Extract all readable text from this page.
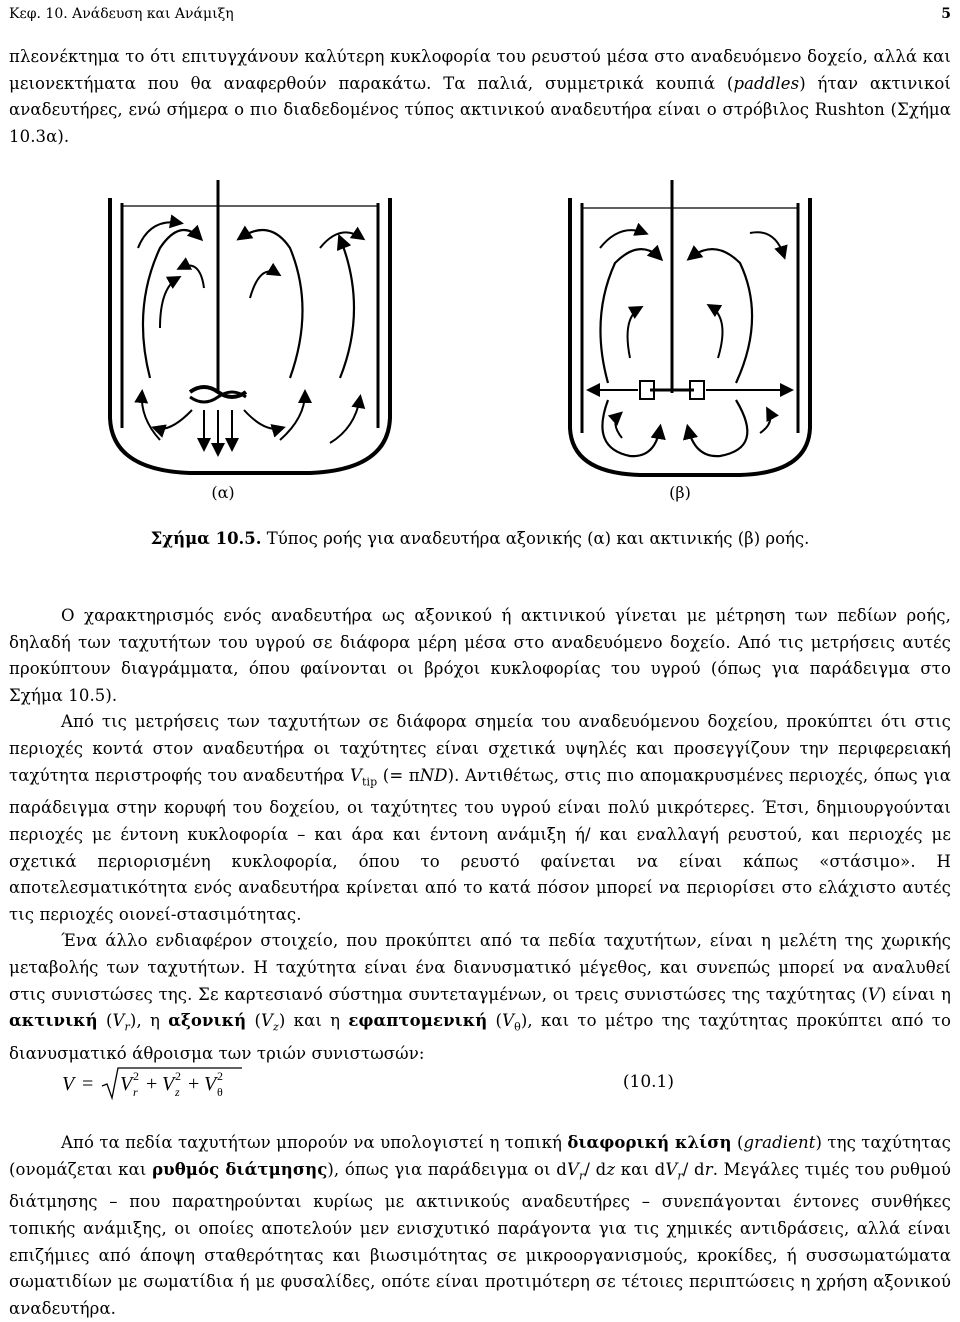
Κεφ. 10. Ανάδευση και Ανάμιξη	5

πλεονέκτημα το ότι επιτυγχάνουν καλύτερη κυκλοφορία του ρευστού μέσα στο αναδευόμενο δοχείο, αλλά και μειονεκτήματα που θα αναφερθούν παρακάτω. Τα παλιά, συμμετρικά κουπιά (paddles) ήταν ακτινικοί αναδευτήρες, ενώ σήμερα ο πιο διαδεδομένος τύπος ακτινικού αναδευτήρα είναι ο στρόβιλος Rushton (Σχήμα 10.3α).

(α)	(β)
Σχήμα 10.5. Τύπος ροής για αναδευτήρα αξονικής (α) και ακτινικής (β) ροής.

Ο χαρακτηρισμός ενός αναδευτήρα ως αξονικού ή ακτινικού γίνεται με μέτρηση των πεδίων ροής, δηλαδή των ταχυτήτων του υγρού σε διάφορα μέρη μέσα στο αναδευόμενο δοχείο. Από τις μετρήσεις αυτές προκύπτουν διαγράμματα, όπου φαίνονται οι βρόχοι κυκλοφορίας του υγρού (όπως για παράδειγμα στο Σχήμα 10.5).

Από τις μετρήσεις των ταχυτήτων σε διάφορα σημεία του αναδευόμενου δοχείου, προκύπτει ότι στις περιοχές κοντά στον αναδευτήρα οι ταχύτητες είναι σχετικά υψηλές και προσεγγίζουν την περιφερειακή ταχύτητα περιστροφής του αναδευτήρα $V_{tip}$ (= πND). Αντιθέτως, στις πιο απομακρυσμένες περιοχές, όπως για παράδειγμα στην κορυφή του δοχείου, οι ταχύτητες του υγρού είναι πολύ μικρότερες. Έτσι, δημιουργούνται περιοχές με έντονη κυκλοφορία – και άρα και έντονη ανάμιξη ή/ και εναλλαγή ρευστού, και περιοχές με σχετικά περιορισμένη κυκλοφορία, όπου το ρευστό φαίνεται να είναι κάπως «στάσιμο». Η αποτελεσματικότητα ενός αναδευτήρα κρίνεται από το κατά πόσον μπορεί να περιορίσει στο ελάχιστο αυτές τις περιοχές οιονεί-στασιμότητας.

Ένα άλλο ενδιαφέρον στοιχείο, που προκύπτει από τα πεδία ταχυτήτων, είναι η μελέτη της χωρικής μεταβολής των ταχυτήτων. Η ταχύτητα είναι ένα διανυσματικό μέγεθος, και συνεπώς μπορεί να αναλυθεί στις συνιστώσες της. Σε καρτεσιανό σύστημα συντεταγμένων, οι τρεις συνιστώσες της ταχύτητας (V) είναι η ακτινική $(V_r)$, η αξονική $(V_z)$ και η εφαπτομενική $(V_\theta)$, και το μέτρο της ταχύτητας προκύπτει από το διανυσματικό άθροισμα των τριών συνιστωσών:

V = V 2
r + V 2
z + V 2
θ	(10.1)

Από τα πεδία ταχυτήτων μπορούν να υπολογιστεί η τοπική διαφορική κλίση (gradient) της ταχύτητας (ονομάζεται και ρυθμός διάτμησης), όπως για παράδειγμα οι $dV_r/$ dz και $dV_r/$ dr. Μεγάλες τιμές του ρυθμού διάτμησης – που παρατηρούνται κυρίως με ακτινικούς αναδευτήρες – συνεπάγονται έντονες συνθήκες τοπικής ανάμιξης, οι οποίες αποτελούν μεν ενισχυτικό παράγοντα για τις χημικές αντιδράσεις, αλλά είναι επιζήμιες από άποψη σταθερότητας και βιωσιμότητας σε μικροοργανισμούς, κροκίδες, ή συσσωματώματα σωματιδίων με σωματίδια ή με φυσαλίδες, οπότε είναι προτιμότερη σε τέτοιες περιπτώσεις η χρήση αξονικού αναδευτήρα.
